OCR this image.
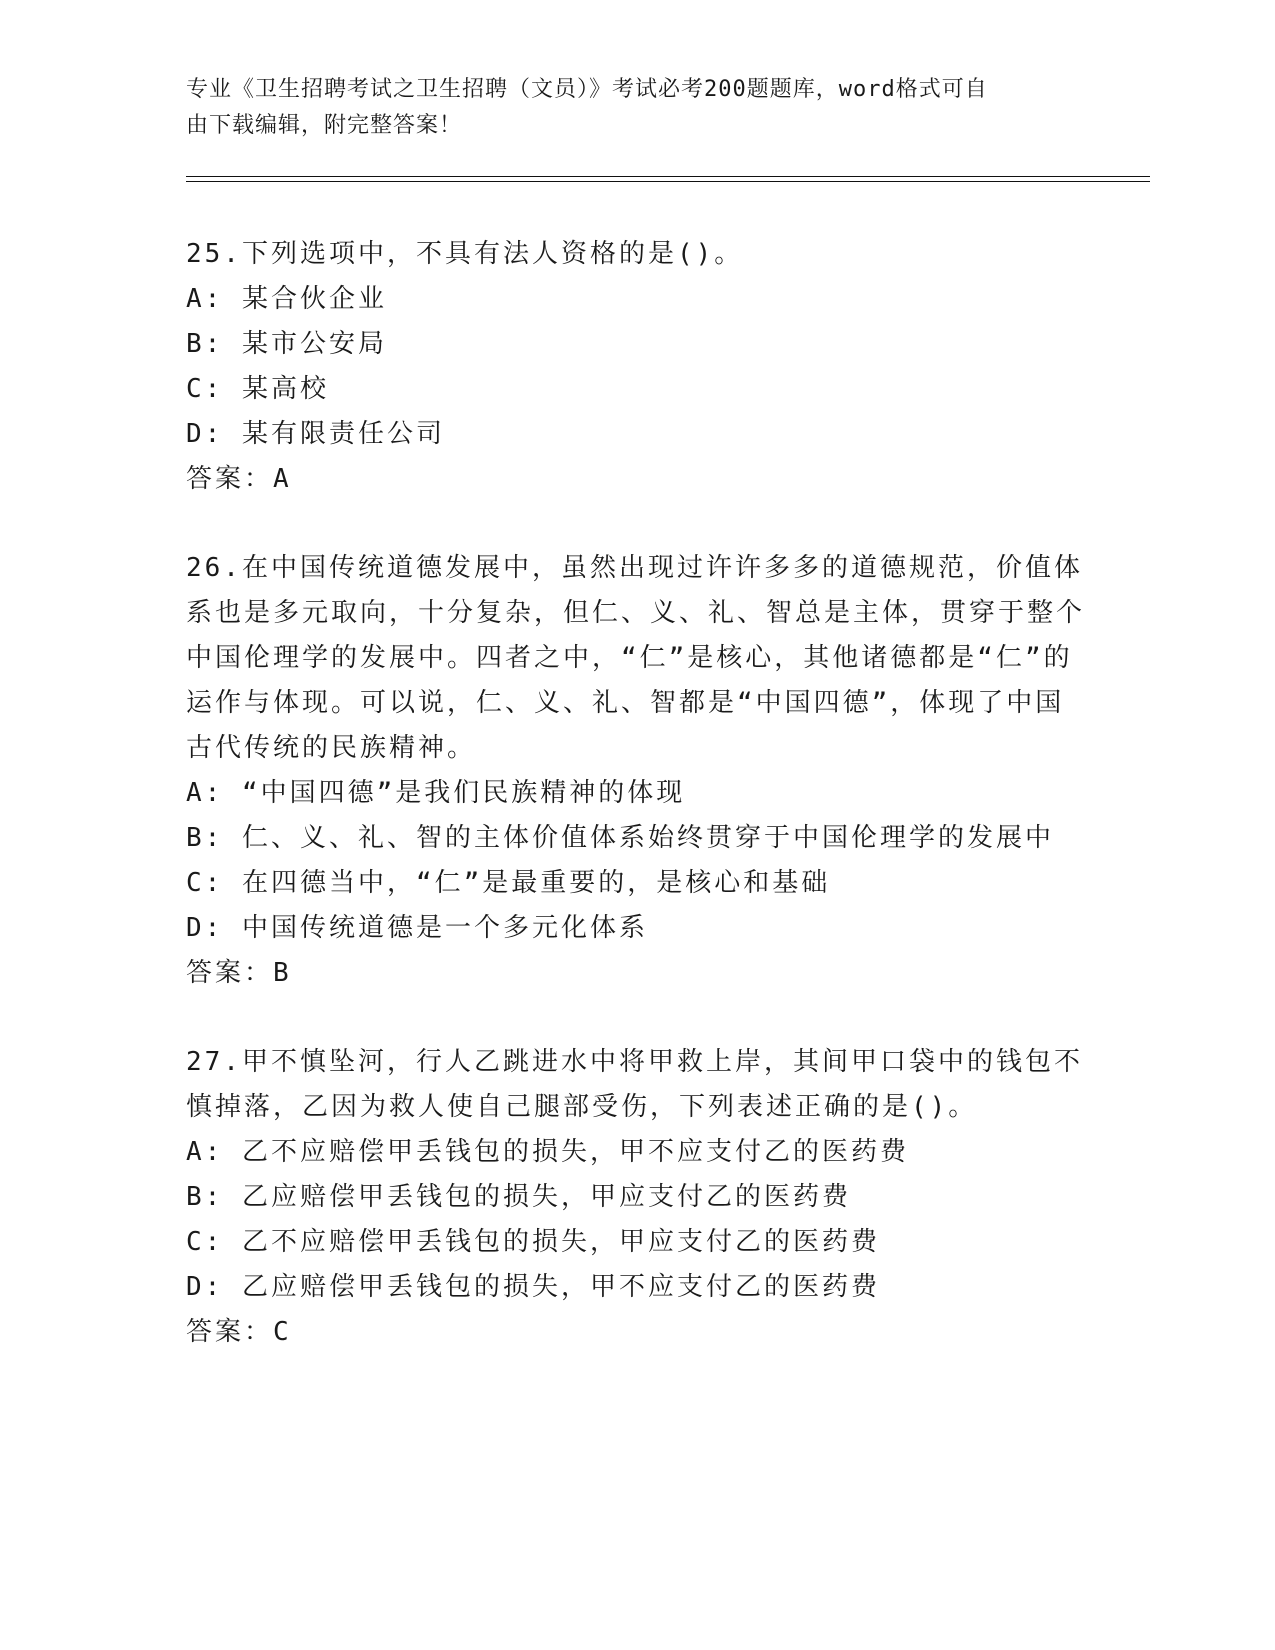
专业《卫生招聘考试之卫生招聘（文员）》考试必考200题题库，word格式可自
由下载编辑，附完整答案！
25.下列选项中，不具有法人资格的是()。
A: 某合伙企业
B: 某市公安局
C: 某高校
D: 某有限责任公司
答案：A
26.在中国传统道德发展中，虽然出现过许许多多的道德规范，价值体系也是多元取向，十分复杂，但仁、义、礼、智总是主体，贯穿于整个中国伦理学的发展中。四者之中，“仁”是核心，其他诸德都是“仁”的运作与体现。可以说，仁、义、礼、智都是“中国四德”，体现了中国古代传统的民族精神。
A: “中国四德”是我们民族精神的体现
B: 仁、义、礼、智的主体价值体系始终贯穿于中国伦理学的发展中
C: 在四德当中，“仁”是最重要的，是核心和基础
D: 中国传统道德是一个多元化体系
答案：B
27.甲不慎坠河，行人乙跳进水中将甲救上岸，其间甲口袋中的钱包不慎掉落，乙因为救人使自己腿部受伤，下列表述正确的是()。
A: 乙不应赔偿甲丢钱包的损失，甲不应支付乙的医药费
B: 乙应赔偿甲丢钱包的损失，甲应支付乙的医药费
C: 乙不应赔偿甲丢钱包的损失，甲应支付乙的医药费
D: 乙应赔偿甲丢钱包的损失，甲不应支付乙的医药费
答案：C
